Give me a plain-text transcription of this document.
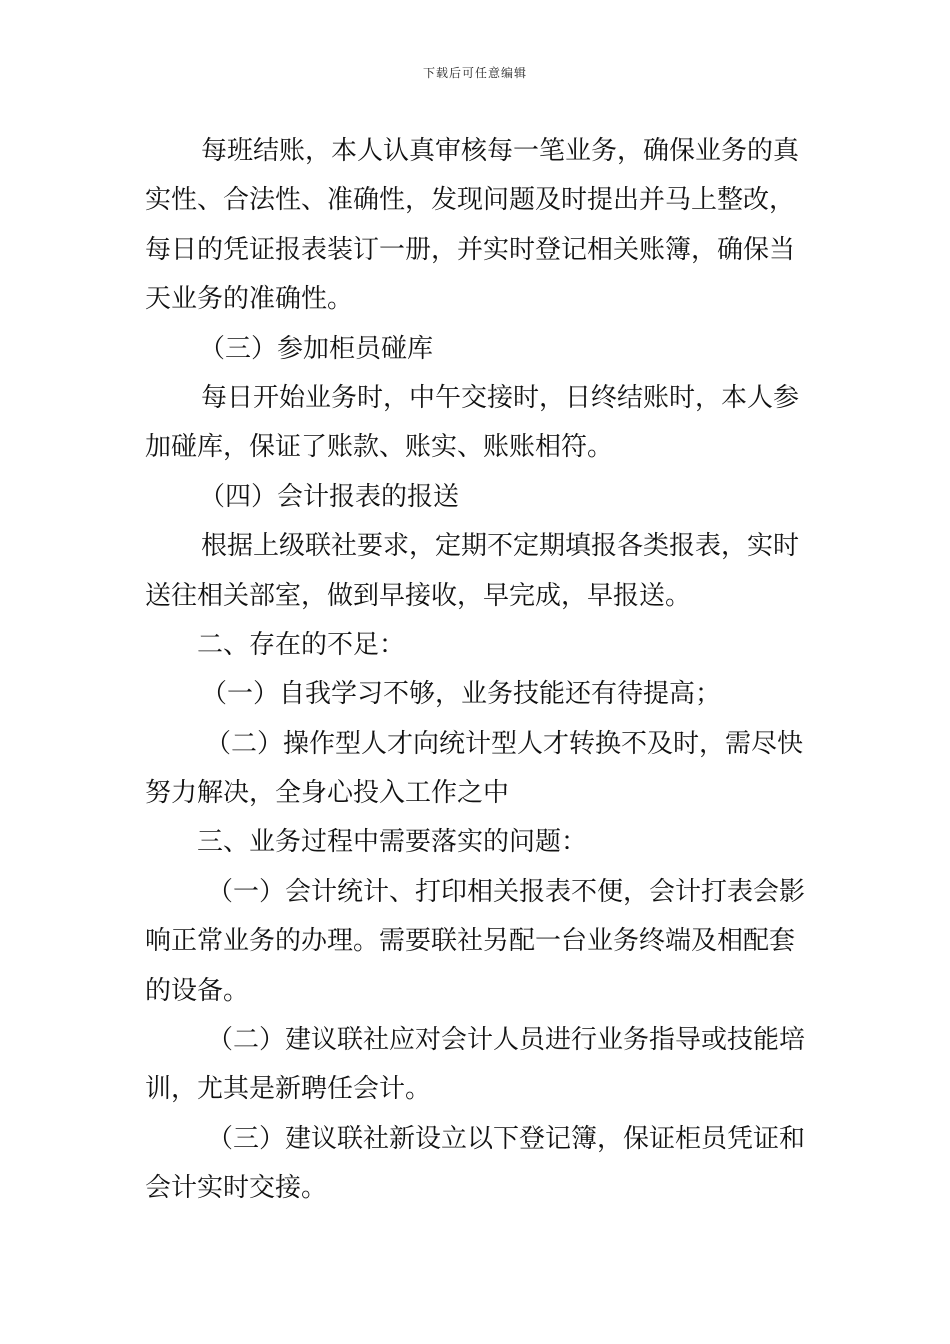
下载后可任意编辑
每班结账，本人认真审核每一笔业务，确保业务的真
实性、合法性、准确性，发现问题及时提出并马上整改，
每日的凭证报表装订一册，并实时登记相关账簿，确保当
天业务的准确性。
（三）参加柜员碰库
每日开始业务时，中午交接时，日终结账时，本人参
加碰库，保证了账款、账实、账账相符。
（四）会计报表的报送
根据上级联社要求，定期不定期填报各类报表，实时
送往相关部室，做到早接收，早完成，早报送。
二、存在的不足：
（一）自我学习不够，业务技能还有待提高；
（二）操作型人才向统计型人才转换不及时，需尽快
努力解决，全身心投入工作之中
三、业务过程中需要落实的问题：
（一）会计统计、打印相关报表不便，会计打表会影
响正常业务的办理。需要联社另配一台业务终端及相配套
的设备。
（二）建议联社应对会计人员进行业务指导或技能培
训，尤其是新聘任会计。
（三）建议联社新设立以下登记簿，保证柜员凭证和
会计实时交接。
